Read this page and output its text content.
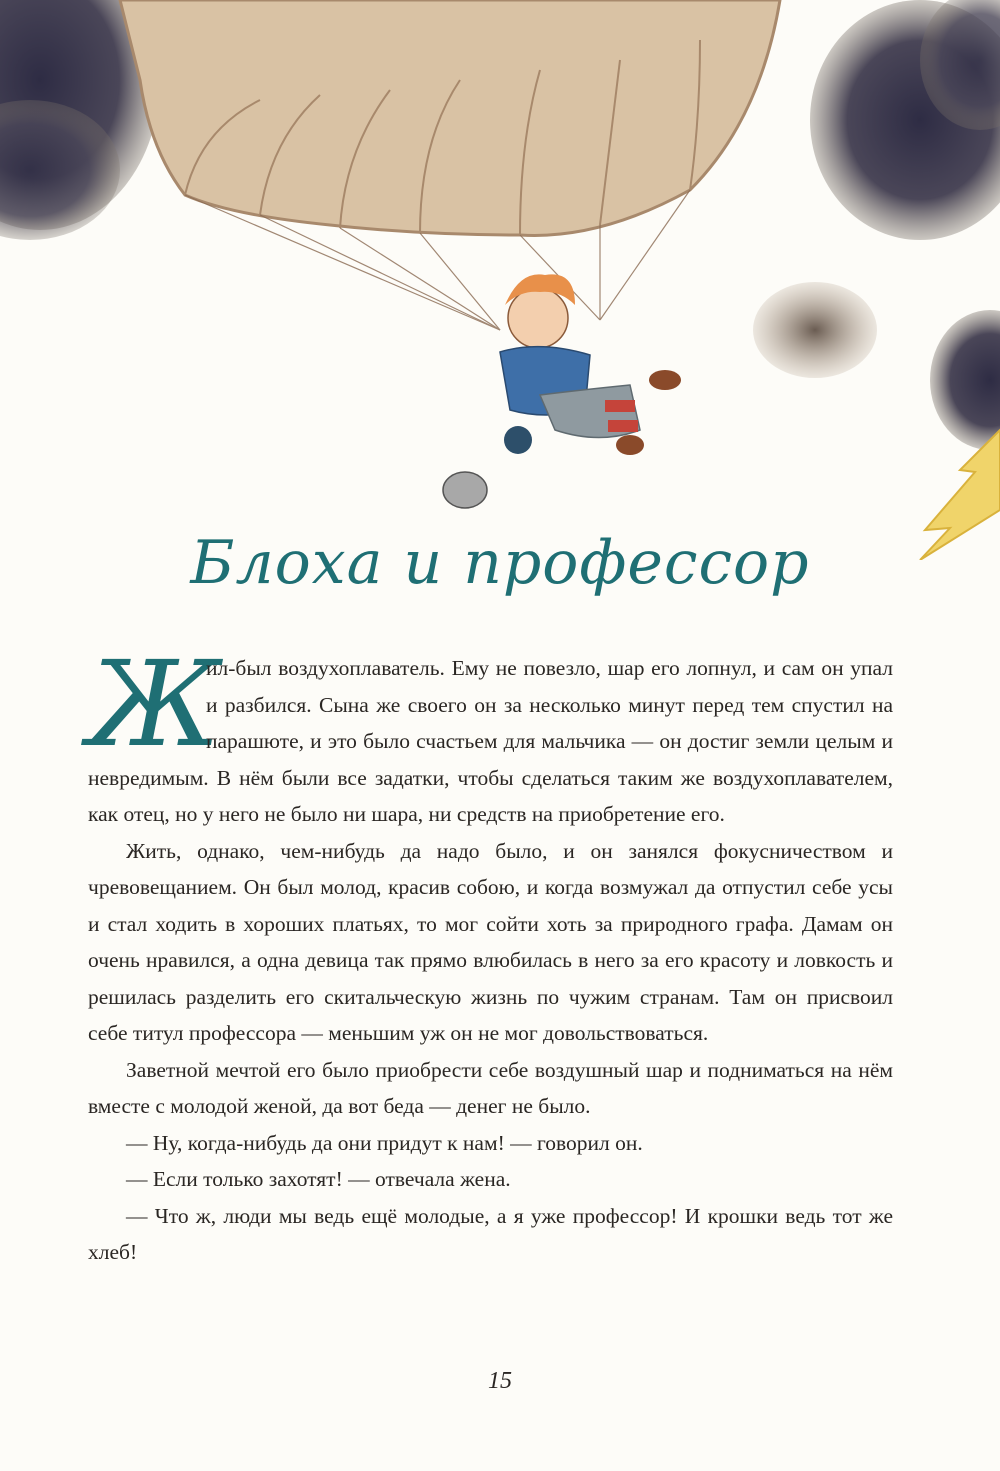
Блоха и профессор

Ж
ил-был воздухоплаватель. Ему не повезло, шар его лопнул, и сам он упал и разбился. Сына же своего он за несколько минут перед тем спустил на парашюте, и это было счастьем для мальчика — он достиг земли целым и невредимым. В нём были все задатки, чтобы сделаться таким же воздухоплавателем, как отец, но у него не было ни шара, ни средств на приобретение его.

Жить, однако, чем-нибудь да надо было, и он занялся фокусничеством и чревовещанием. Он был молод, красив собою, и когда возмужал да отпустил себе усы и стал ходить в хороших платьях, то мог сойти хоть за природного графа. Дамам он очень нравился, а одна девица так прямо влюбилась в него за его красоту и ловкость и решилась разделить его скитальческую жизнь по чужим странам. Там он присвоил себе титул профессора — меньшим уж он не мог довольствоваться.

Заветной мечтой его было приобрести себе воздушный шар и подниматься на нём вместе с молодой женой, да вот беда — денег не было.

— Ну, когда-нибудь да они придут к нам! — говорил он.

— Если только захотят! — отвечала жена.

— Что ж, люди мы ведь ещё молодые, а я уже профессор! И крошки ведь тот же хлеб!

15
